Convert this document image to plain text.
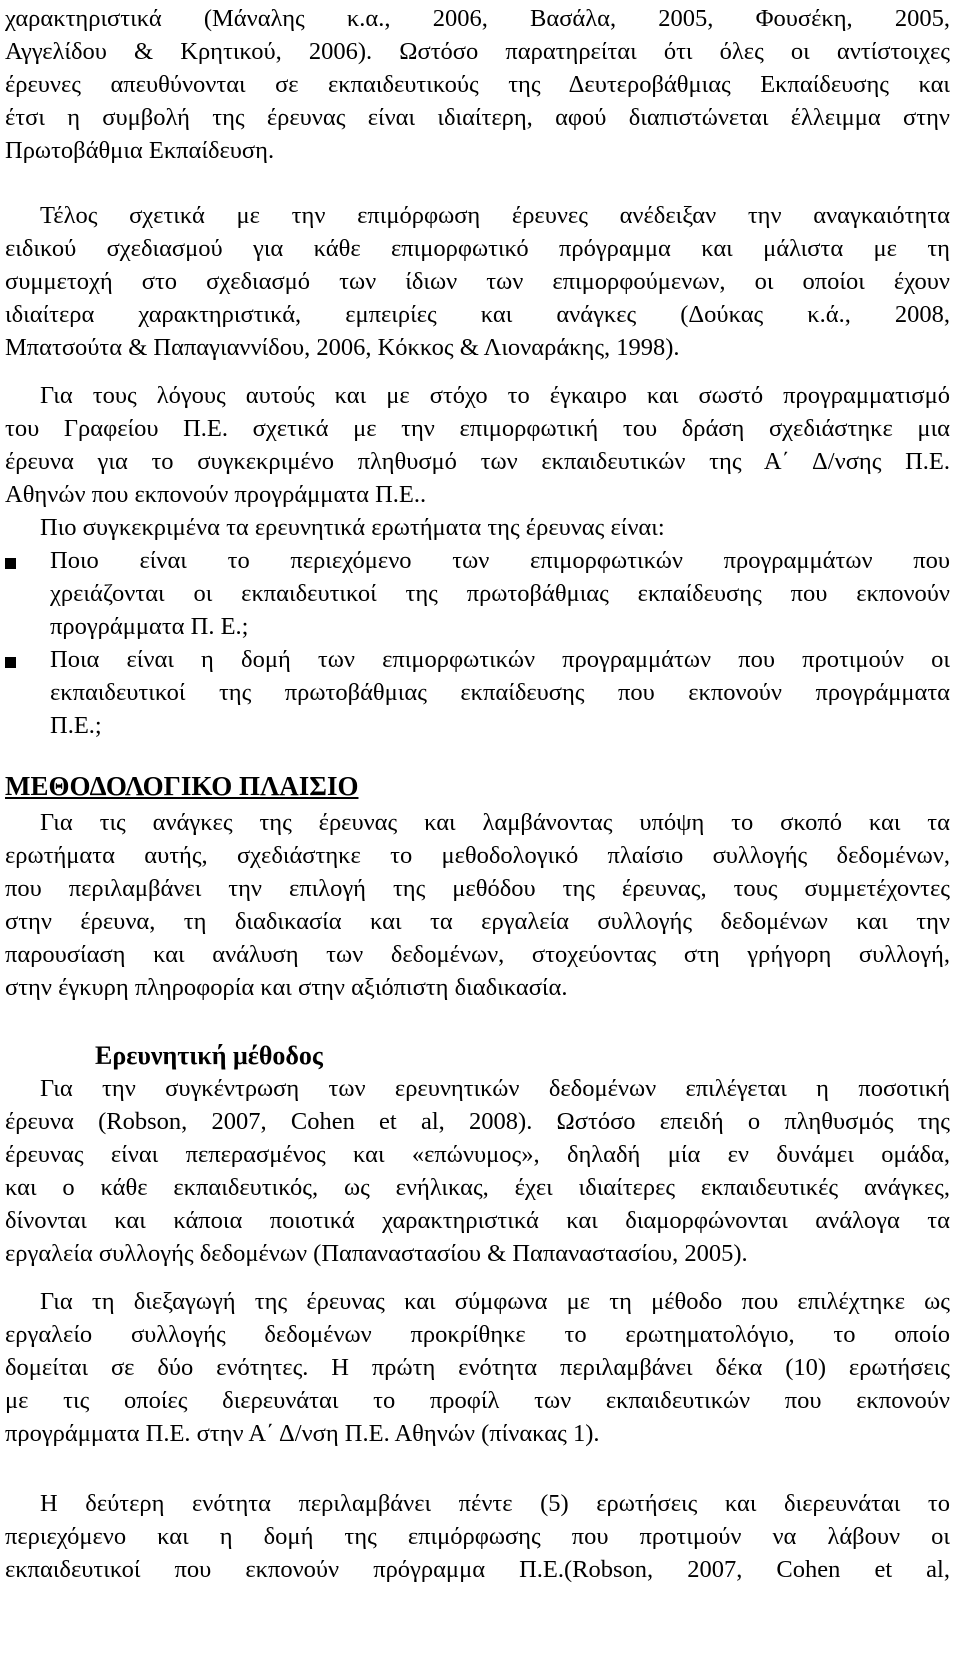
χαρακτηριστικά (Μάναλης κ.α., 2006, Βασάλα, 2005, Φουσέκη, 2005,
Αγγελίδου & Κρητικού, 2006). Ωστόσο παρατηρείται ότι όλες οι αντίστοιχες
έρευνες απευθύνονται σε εκπαιδευτικούς της Δευτεροβάθμιας Εκπαίδευσης και
έτσι η συμβολή της έρευνας είναι ιδιαίτερη, αφού διαπιστώνεται έλλειμμα στην
Πρωτοβάθμια Εκπαίδευση.
Τέλος σχετικά με την επιμόρφωση έρευνες ανέδειξαν την αναγκαιότητα
ειδικού σχεδιασμού για κάθε επιμορφωτικό πρόγραμμα και μάλιστα με τη
συμμετοχή στο σχεδιασμό των ίδιων των επιμορφούμενων, οι οποίοι έχουν
ιδιαίτερα χαρακτηριστικά, εμπειρίες και ανάγκες (Δούκας κ.ά., 2008,
Μπατσούτα & Παπαγιαννίδου, 2006, Κόκκος & Λιοναράκης, 1998).
Για τους λόγους αυτούς και με στόχο το έγκαιρο και σωστό προγραμματισμό
του Γραφείου Π.Ε. σχετικά με την επιμορφωτική του δράση σχεδιάστηκε μια
έρευνα για το συγκεκριμένο πληθυσμό των εκπαιδευτικών της Α΄ Δ/νσης Π.Ε.
Αθηνών που εκπονούν προγράμματα Π.Ε..
Πιο συγκεκριμένα τα ερευνητικά ερωτήματα της έρευνας είναι:
Ποιο είναι το περιεχόμενο των επιμορφωτικών προγραμμάτων που
χρειάζονται οι εκπαιδευτικοί της πρωτοβάθμιας εκπαίδευσης που εκπονούν
προγράμματα Π. Ε.;
Ποια είναι η δομή των επιμορφωτικών προγραμμάτων που προτιμούν οι
εκπαιδευτικοί της πρωτοβάθμιας εκπαίδευσης που εκπονούν προγράμματα
Π.Ε.;
ΜΕΘΟΔΟΛΟΓΙΚΟ ΠΛΑΙΣΙΟ
Για τις ανάγκες της έρευνας και λαμβάνοντας υπόψη το σκοπό και τα
ερωτήματα αυτής, σχεδιάστηκε το μεθοδολογικό πλαίσιο συλλογής δεδομένων,
που περιλαμβάνει την επιλογή της μεθόδου της έρευνας, τους συμμετέχοντες
στην έρευνα, τη διαδικασία και τα εργαλεία συλλογής δεδομένων και την
παρουσίαση και ανάλυση των δεδομένων, στοχεύοντας στη γρήγορη συλλογή,
στην έγκυρη πληροφορία και στην αξιόπιστη διαδικασία.
Ερευνητική μέθοδος
Για την συγκέντρωση των ερευνητικών δεδομένων επιλέγεται η ποσοτική
έρευνα (Robson, 2007, Cohen et al, 2008). Ωστόσο επειδή ο πληθυσμός της
έρευνας είναι πεπερασμένος και «επώνυμος», δηλαδή μία εν δυνάμει ομάδα,
και ο κάθε εκπαιδευτικός, ως ενήλικας, έχει ιδιαίτερες εκπαιδευτικές ανάγκες,
δίνονται και κάποια ποιοτικά χαρακτηριστικά και διαμορφώνονται ανάλογα τα
εργαλεία συλλογής δεδομένων (Παπαναστασίου & Παπαναστασίου, 2005).
Για τη διεξαγωγή της έρευνας και σύμφωνα με τη μέθοδο που επιλέχτηκε ως
εργαλείο συλλογής δεδομένων προκρίθηκε το ερωτηματολόγιο, το οποίο
δομείται σε δύο ενότητες. Η πρώτη ενότητα περιλαμβάνει δέκα (10) ερωτήσεις
με τις οποίες διερευνάται το προφίλ των εκπαιδευτικών που εκπονούν
προγράμματα Π.Ε. στην Α΄ Δ/νση Π.Ε. Αθηνών (πίνακας 1).
Η δεύτερη ενότητα περιλαμβάνει πέντε (5) ερωτήσεις και διερευνάται το
περιεχόμενο και η δομή της επιμόρφωσης που προτιμούν να λάβουν οι
εκπαιδευτικοί που εκπονούν πρόγραμμα Π.Ε.(Robson, 2007, Cohen et al,
